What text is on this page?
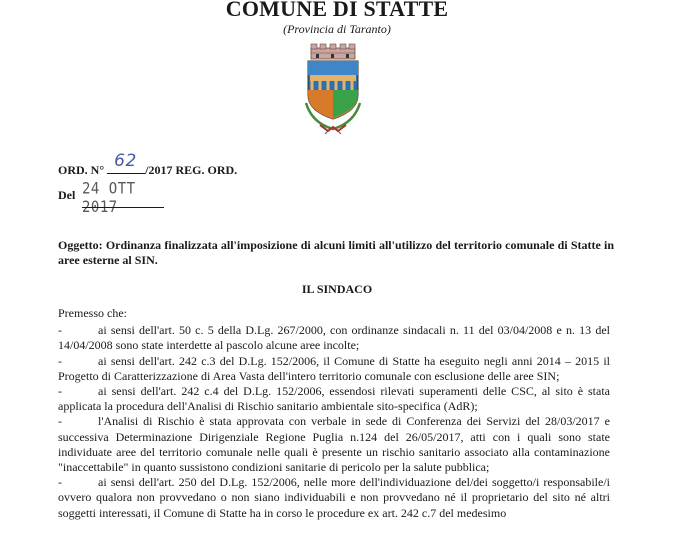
COMUNE DI STATTE
(Provincia di Taranto)
ORD. N° 62 /2017 REG. ORD.
Del 24 OTT 2017
Oggetto: Ordinanza finalizzata all'imposizione di alcuni limiti all'utilizzo del territorio comunale di Statte in aree esterne al SIN.
IL SINDACO

Premesso che:

-	ai sensi dell'art. 50 c. 5 della D.Lg. 267/2000, con ordinanze sindacali n. 11 del 03/04/2008 e n. 13 del 14/04/2008 sono state interdette al pascolo alcune aree incolte;

-	ai sensi dell'art. 242 c.3 del D.Lg. 152/2006, il Comune di Statte ha eseguito negli anni 2014 – 2015 il Progetto di Caratterizzazione di Area Vasta dell'intero territorio comunale con esclusione delle aree SIN;

-	ai sensi dell'art. 242 c.4 del D.Lg. 152/2006, essendosi rilevati superamenti delle CSC, al sito è stata applicata la procedura dell'Analisi di Rischio sanitario ambientale sito-specifica (AdR);

-	l'Analisi di Rischio è stata approvata con verbale in sede di Conferenza dei Servizi del 28/03/2017 e successiva Determinazione Dirigenziale Regione Puglia n.124 del 26/05/2017, atti con i quali sono state individuate aree del territorio comunale nelle quali è presente un rischio sanitario associato alla contaminazione "inaccettabile" in quanto sussistono condizioni sanitarie di pericolo per la salute pubblica;

-	ai sensi dell'art. 250 del D.Lg. 152/2006, nelle more dell'individuazione del/dei soggetto/i responsabile/i ovvero qualora non provvedano o non siano individuabili e non provvedano né il proprietario del sito né altri soggetti interessati, il Comune di Statte ha in corso le procedure ex art. 242 c.7 del medesimo
